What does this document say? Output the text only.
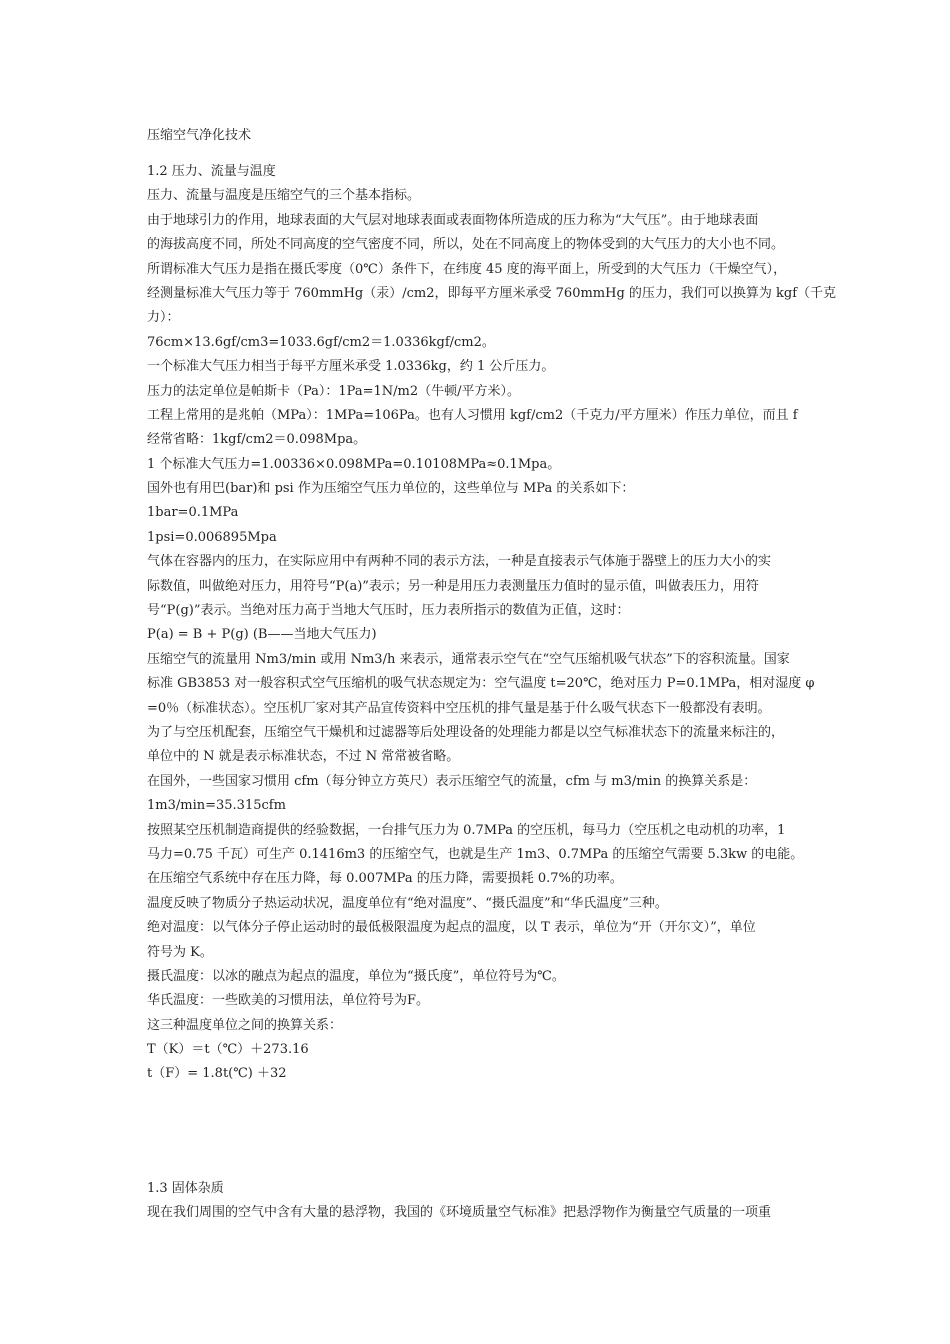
压缩空气净化技术
1.2 压力、流量与温度
压力、流量与温度是压缩空气的三个基本指标。
由于地球引力的作用，地球表面的大气层对地球表面或表面物体所造成的压力称为“大气压”。由于地球表面
的海拔高度不同，所处不同高度的空气密度不同，所以，处在不同高度上的物体受到的大气压力的大小也不同。
所谓标准大气压力是指在摄氏零度（0℃）条件下，在纬度 45 度的海平面上，所受到的大气压力（干燥空气），
经测量标准大气压力等于 760mmHg（汞）/cm2，即每平方厘米承受 760mmHg 的压力，我们可以换算为 kgf（千克
力）：
76cm×13.6gf/cm3=1033.6gf/cm2＝1.0336kgf/cm2。
一个标准大气压力相当于每平方厘米承受 1.0336kg，约 1 公斤压力。
压力的法定单位是帕斯卡（Pa）：1Pa=1N/m2（牛顿/平方米）。
工程上常用的是兆帕（MPa）：1MPa=106Pa。也有人习惯用 kgf/cm2（千克力/平方厘米）作压力单位，而且 f
经常省略：1kgf/cm2＝0.098Mpa。
1 个标准大气压力=1.00336×0.098MPa=0.10108MPa≈0.1Mpa。
国外也有用巴(bar)和 psi 作为压缩空气压力单位的，这些单位与 MPa 的关系如下：
1bar=0.1MPa
1psi=0.006895Mpa
气体在容器内的压力，在实际应用中有两种不同的表示方法，一种是直接表示气体施于器壁上的压力大小的实
际数值，叫做绝对压力，用符号“P(a)”表示；另一种是用压力表测量压力值时的显示值，叫做表压力，用符
号“P(g)”表示。当绝对压力高于当地大气压时，压力表所指示的数值为正值，这时：
P(a) = B + P(g) (B——当地大气压力)
压缩空气的流量用 Nm3/min 或用 Nm3/h 来表示，通常表示空气在“空气压缩机吸气状态”下的容积流量。国家
标准 GB3853 对一般容积式空气压缩机的吸气状态规定为：空气温度 t=20℃，绝对压力 P=0.1MPa，相对湿度 φ
=0％（标准状态）。空压机厂家对其产品宣传资料中空压机的排气量是基于什么吸气状态下一般都没有表明。
为了与空压机配套，压缩空气干燥机和过滤器等后处理设备的处理能力都是以空气标准状态下的流量来标注的，
单位中的 N 就是表示标准状态，不过 N 常常被省略。
在国外，一些国家习惯用 cfm（每分钟立方英尺）表示压缩空气的流量，cfm 与 m3/min 的换算关系是：
1m3/min=35.315cfm
按照某空压机制造商提供的经验数据，一台排气压力为 0.7MPa 的空压机，每马力（空压机之电动机的功率，1
马力=0.75 千瓦）可生产 0.1416m3 的压缩空气，也就是生产 1m3、0.7MPa 的压缩空气需要 5.3kw 的电能。
在压缩空气系统中存在压力降，每 0.007MPa 的压力降，需要损耗 0.7%的功率。
温度反映了物质分子热运动状况，温度单位有“绝对温度”、“摄氏温度”和“华氏温度”三种。
绝对温度：以气体分子停止运动时的最低极限温度为起点的温度，以 T 表示，单位为“开（开尔文）”，单位
符号为 K。
摄氏温度：以冰的融点为起点的温度，单位为“摄氏度”，单位符号为℃。
华氏温度：一些欧美的习惯用法，单位符号为F。
这三种温度单位之间的换算关系：
T（K）＝t（℃）＋273.16
t（F）= 1.8t(℃) ＋32
1.3 固体杂质
现在我们周围的空气中含有大量的悬浮物，我国的《环境质量空气标准》把悬浮物作为衡量空气质量的一项重
